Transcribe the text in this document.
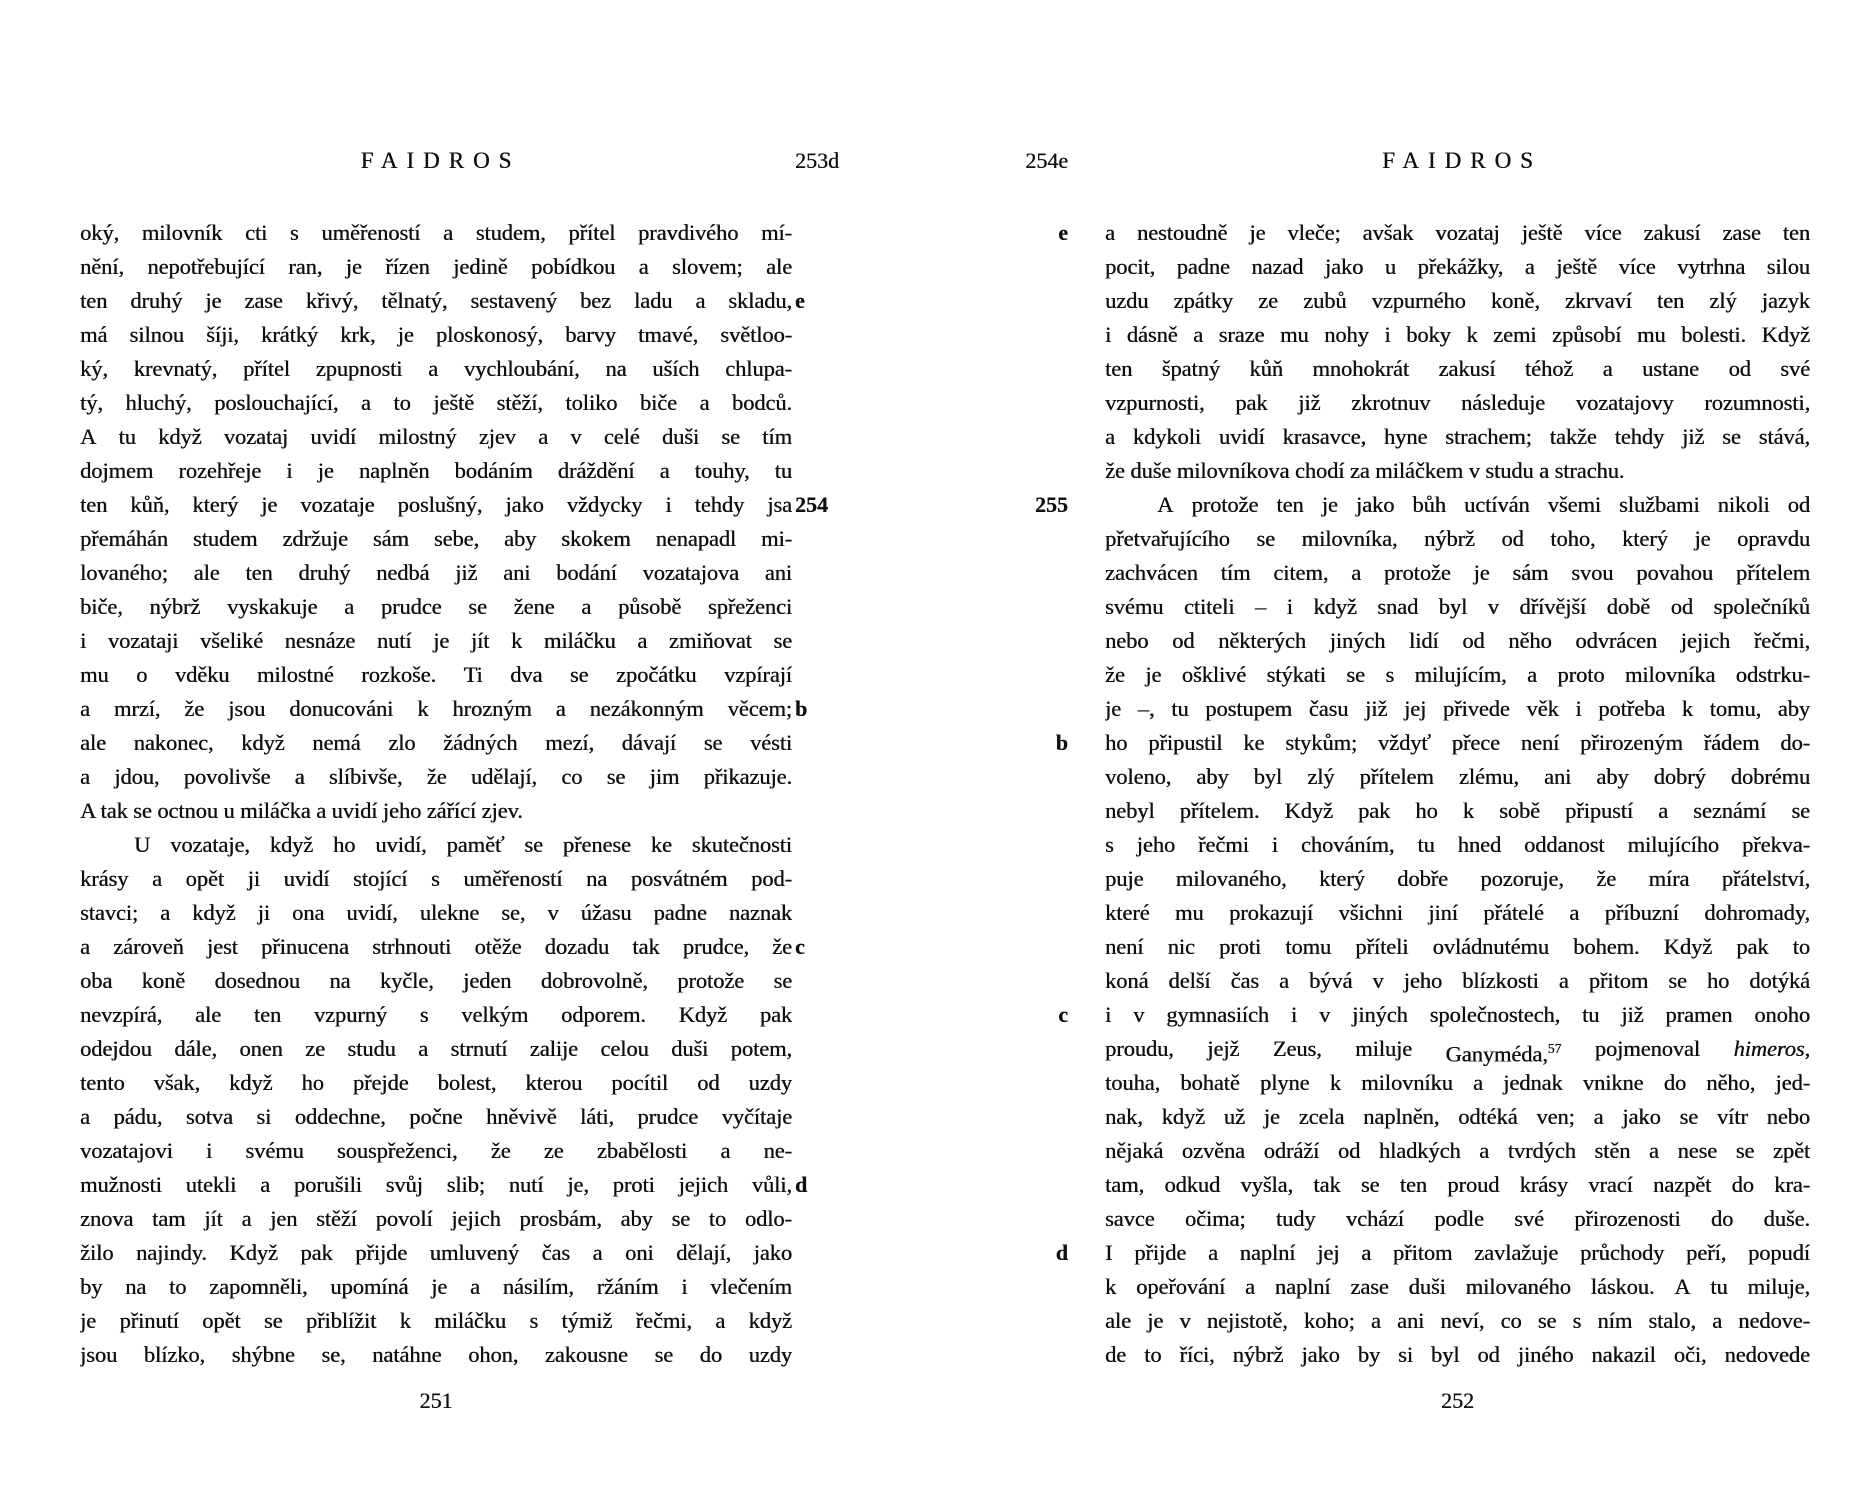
FAIDROS	253d
oký, milovník cti s uměřeností a studem, přítel pravdivého mí-
nění, nepotřebující ran, je řízen jedině pobídkou a slovem; ale
ten druhý je zase křivý, tělnatý, sestavený bez ladu a skladu,
má silnou šíji, krátký krk, je ploskonosý, barvy tmavé, světloo-
ký, krevnatý, přítel zpupnosti a vychloubání, na uších chlupa-
tý, hluchý, poslouchající, a to ještě stěží, toliko biče a bodců.
A tu když vozataj uvidí milostný zjev a v celé duši se tím
dojmem rozehřeje i je naplněn bodáním dráždění a touhy, tu
ten kůň, který je vozataje poslušný, jako vždycky i tehdy jsa
přemáhán studem zdržuje sám sebe, aby skokem nenapadl mi-
lovaného; ale ten druhý nedbá již ani bodání vozatajova ani
biče, nýbrž vyskakuje a prudce se žene a působě spřeženci
i vozataji všeliké nesnáze nutí je jít k miláčku a zmiňovat se
mu o vděku milostné rozkoše. Ti dva se zpočátku vzpírají
a mrzí, že jsou donucováni k hrozným a nezákonným věcem;
ale nakonec, když nemá zlo žádných mezí, dávají se vésti
a jdou, povolivše a slíbivše, že udělají, co se jim přikazuje.
A tak se octnou u miláčka a uvidí jeho zářící zjev.
U vozataje, když ho uvidí, paměť se přenese ke skutečnosti
krásy a opět ji uvidí stojící s uměřeností na posvátném pod-
stavci; a když ji ona uvidí, ulekne se, v úžasu padne naznak
a zároveň jest přinucena strhnouti otěže dozadu tak prudce, že
oba koně dosednou na kyčle, jeden dobrovolně, protože se
nevzpírá, ale ten vzpurný s velkým odporem. Když pak
odejdou dále, onen ze studu a strnutí zalije celou duši potem,
tento však, když ho přejde bolest, kterou pocítil od uzdy
a pádu, sotva si oddechne, počne hněvivě láti, prudce vyčítaje
vozatajovi i svému souspřeženci, že ze zbabělosti a ne-
mužnosti utekli a porušili svůj slib; nutí je, proti jejich vůli,
znova tam jít a jen stěží povolí jejich prosbám, aby se to odlo-
žilo najindy. Když pak přijde umluvený čas a oni dělají, jako
by na to zapomněli, upomíná je a násilím, ržáním i vlečením
je přinutí opět se přiblížit k miláčku s týmiž řečmi, a když
jsou blízko, shýbne se, natáhne ohon, zakousne se do uzdy
e
254
b
c
d
251
254e	FAIDROS
a nestoudně je vleče; avšak vozataj ještě více zakusí zase ten
pocit, padne nazad jako u překážky, a ještě více vytrhna silou
uzdu zpátky ze zubů vzpurného koně, zkrvaví ten zlý jazyk
i dásně a sraze mu nohy i boky k zemi způsobí mu bolesti. Když
ten špatný kůň mnohokrát zakusí téhož a ustane od své
vzpurnosti, pak již zkrotnuv následuje vozatajovy rozumnosti,
a kdykoli uvidí krasavce, hyne strachem; takže tehdy již se stává,
že duše milovníkova chodí za miláčkem v studu a strachu.
A protože ten je jako bůh uctíván všemi službami nikoli od
přetvařujícího se milovníka, nýbrž od toho, který je opravdu
zachvácen tím citem, a protože je sám svou povahou přítelem
svému ctiteli – i když snad byl v dřívější době od společníků
nebo od některých jiných lidí od něho odvrácen jejich řečmi,
že je ošklivé stýkati se s milujícím, a proto milovníka odstrku-
je –, tu postupem času již jej přivede věk i potřeba k tomu, aby
ho připustil ke stykům; vždyť přece není přirozeným řádem do-
voleno, aby byl zlý přítelem zlému, ani aby dobrý dobrému
nebyl přítelem. Když pak ho k sobě připustí a seznámí se
s jeho řečmi i chováním, tu hned oddanost milujícího překva-
puje milovaného, který dobře pozoruje, že míra přátelství,
které mu prokazují všichni jiní přátelé a příbuzní dohromady,
není nic proti tomu příteli ovládnutému bohem. Když pak to
koná delší čas a bývá v jeho blízkosti a přitom se ho dotýká
i v gymnasiích i v jiných společnostech, tu již pramen onoho
proudu, jejž Zeus, miluje Ganyméda,$^{57}$ pojmenoval himeros,
touha, bohatě plyne k milovníku a jednak vnikne do něho, jed-
nak, když už je zcela naplněn, odtéká ven; a jako se vítr nebo
nějaká ozvěna odráží od hladkých a tvrdých stěn a nese se zpět
tam, odkud vyšla, tak se ten proud krásy vrací nazpět do kra-
savce očima; tudy vchází podle své přirozenosti do duše.
I přijde a naplní jej a přitom zavlažuje průchody peří, popudí
k opeřování a naplní zase duši milovaného láskou. A tu miluje,
ale je v nejistotě, koho; a ani neví, co se s ním stalo, a nedove-
de to říci, nýbrž jako by si byl od jiného nakazil oči, nedovede
e
255
b
c
d
252
